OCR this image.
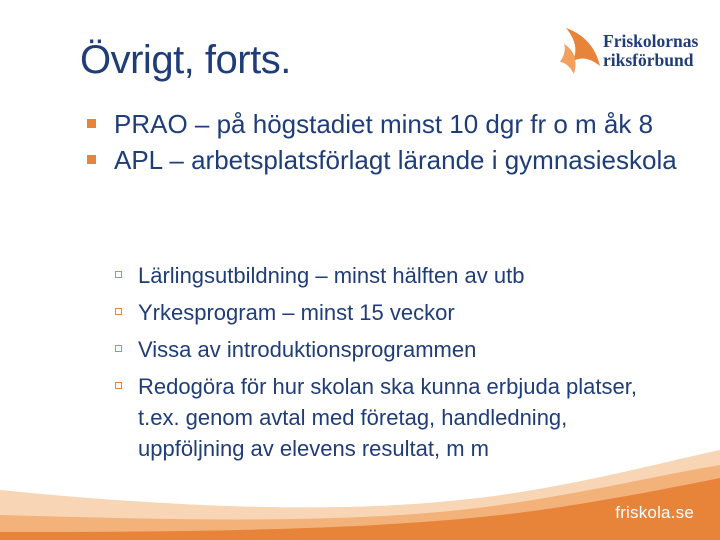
Övrigt, forts.	Friskolornas
riksförbund
PRAO – på högstadiet minst 10 dgr fr o m åk 8
APL – arbetsplatsförlagt lärande i gymnasieskola
Lärlingsutbildning – minst hälften av utb
Yrkesprogram – minst 15 veckor
Vissa av introduktionsprogrammen
Redogöra för hur skolan ska kunna erbjuda platser, t.ex. genom avtal med företag, handledning, uppföljning av elevens resultat, m m
friskola.se
